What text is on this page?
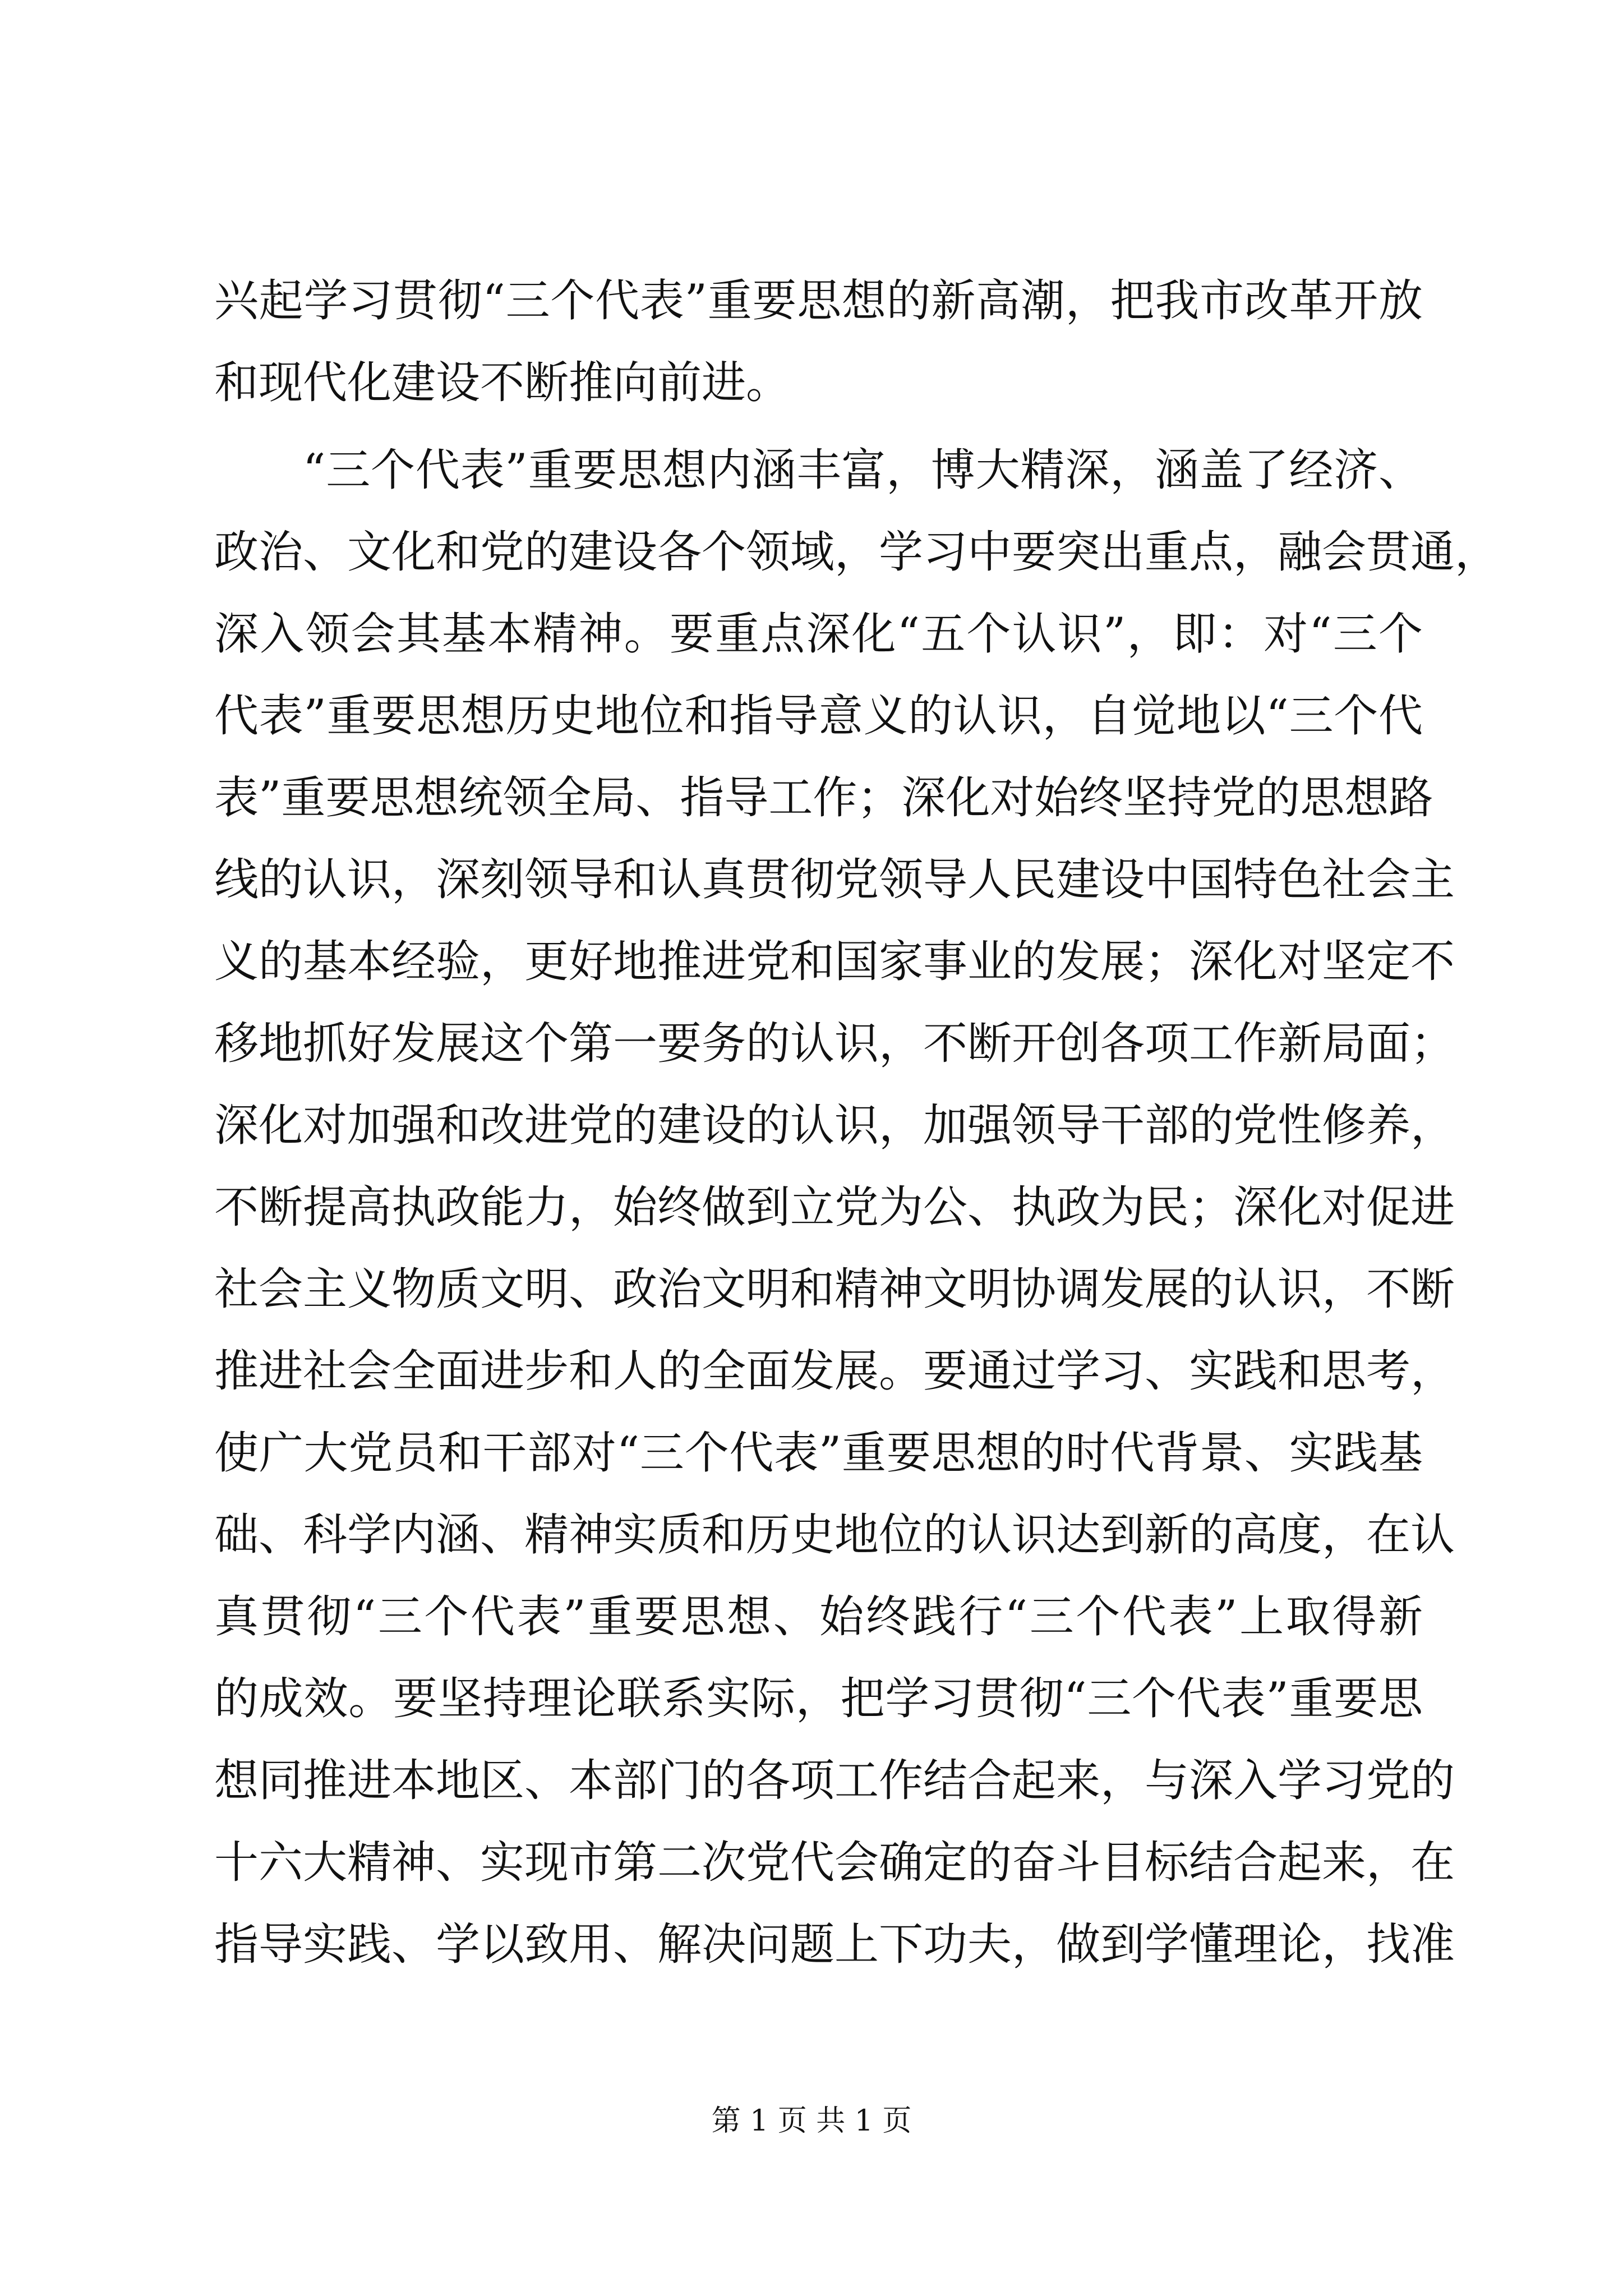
兴起学习贯彻“三个代表”重要思想的新高潮，把我市改革开放
和现代化建设不断推向前进。
“三个代表”重要思想内涵丰富，博大精深，涵盖了经济、
政治、文化和党的建设各个领域，学习中要突出重点，融会贯通，
深入领会其基本精神。要重点深化“五个认识”，即：对“三个
代表”重要思想历史地位和指导意义的认识，自觉地以“三个代
表”重要思想统领全局、指导工作；深化对始终坚持党的思想路
线的认识，深刻领导和认真贯彻党领导人民建设中国特色社会主
义的基本经验，更好地推进党和国家事业的发展；深化对坚定不
移地抓好发展这个第一要务的认识，不断开创各项工作新局面；
深化对加强和改进党的建设的认识，加强领导干部的党性修养，
不断提高执政能力，始终做到立党为公、执政为民；深化对促进
社会主义物质文明、政治文明和精神文明协调发展的认识，不断
推进社会全面进步和人的全面发展。要通过学习、实践和思考，
使广大党员和干部对“三个代表”重要思想的时代背景、实践基
础、科学内涵、精神实质和历史地位的认识达到新的高度，在认
真贯彻“三个代表”重要思想、始终践行“三个代表”上取得新
的成效。要坚持理论联系实际，把学习贯彻“三个代表”重要思
想同推进本地区、本部门的各项工作结合起来，与深入学习党的
十六大精神、实现市第二次党代会确定的奋斗目标结合起来，在
指导实践、学以致用、解决问题上下功夫，做到学懂理论，找准
第 1 页 共 1 页
